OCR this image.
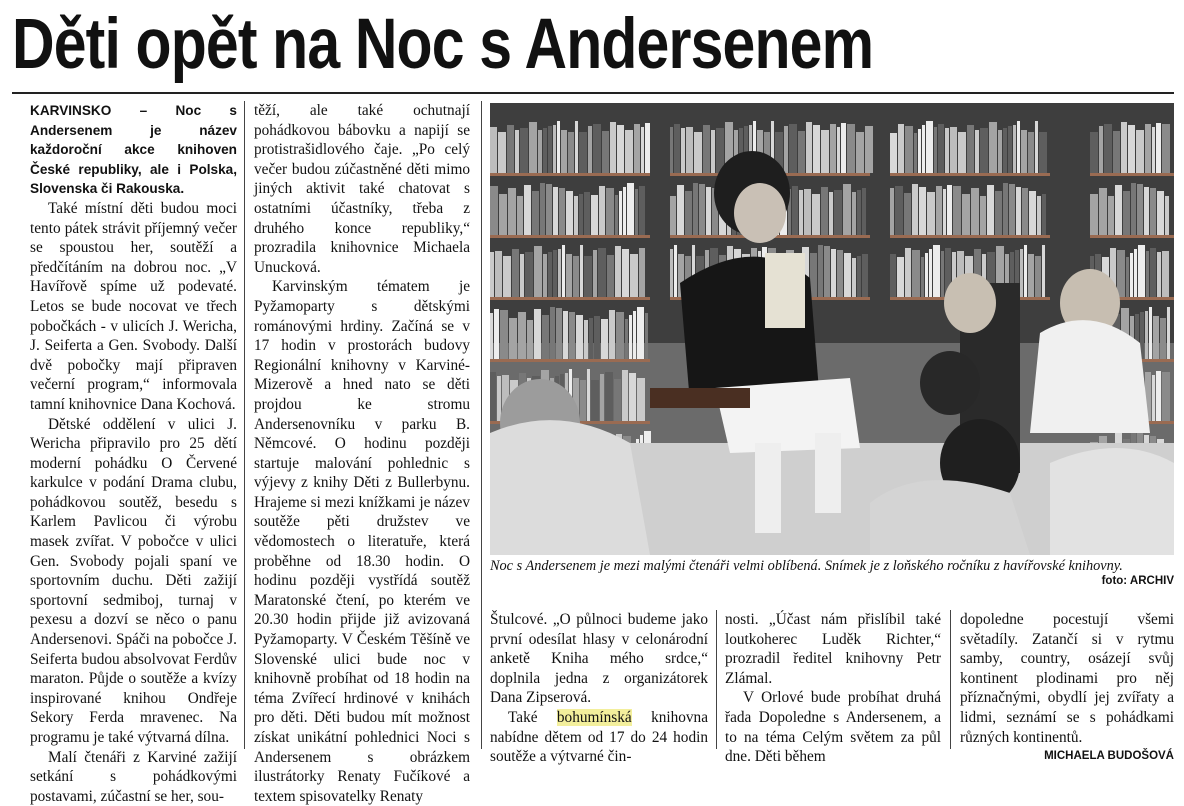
Děti opět na Noc s Andersenem

KARVINSKO – Noc s Andersenem je název každoroční akce knihoven České republiky, ale i Polska, Slovenska či Rakouska.

Také místní děti budou moci tento pátek strávit příjemný večer se spoustou her, soutěží a předčítáním na dobrou noc. „V Havířově spíme už podevaté. Letos se bude nocovat ve třech pobočkách - v ulicích J. Wericha, J. Seiferta a Gen. Svobody. Další dvě pobočky mají připraven večerní program,“ informovala tamní knihovnice Dana Kochová.

Dětské oddělení v ulici J. Wericha připravilo pro 25 dětí moderní pohádku O Červené karkulce v podání Drama clubu, pohádkovou soutěž, besedu s Karlem Pavlicou či výrobu masek zvířat. V pobočce v ulici Gen. Svobody pojali spaní ve sportovním duchu. Děti zažijí sportovní sedmiboj, turnaj v pexesu a dozví se něco o panu Andersenovi. Spáči na pobočce J. Seiferta budou absolvovat Ferdův maraton. Půjde o soutěže a kvízy inspirované knihou Ondřeje Sekory Ferda mravenec. Na programu je také výtvarná dílna.

Malí čtenáři z Karviné zažijí setkání s pohádkovými postavami, zúčastní se her, sou-

těží, ale také ochutnají pohádkovou bábovku a napijí se protistrašidlového čaje. „Po celý večer budou zúčastněné děti mimo jiných aktivit také chatovat s ostatními účastníky, třeba z druhého konce republiky,“ prozradila knihovnice Michaela Unucková.

Karvinským tématem je Pyžamoparty s dětskými románovými hrdiny. Začíná se v 17 hodin v prostorách budovy Regionální knihovny v Karviné-Mizerově a hned nato se děti projdou ke stromu Andersenovníku v parku B. Němcové. O hodinu později startuje malování pohlednic s výjevy z knihy Děti z Bullerbynu. Hrajeme si mezi knížkami je název soutěže pěti družstev ve vědomostech o literatuře, která proběhne od 18.30 hodin. O hodinu později vystřídá soutěž Maratonské čtení, po kterém ve 20.30 hodin přijde již avizovaná Pyžamoparty. V Českém Těšíně ve Slovenské ulici bude noc v knihovně probíhat od 18 hodin na téma Zvířecí hrdinové v knihách pro děti. Děti budou mít možnost získat unikátní pohlednici Noci s Andersenem s obrázkem ilustrátorky Renaty Fučíkové a textem spisovatelky Renaty

Noc s Andersenem je mezi malými čtenáři velmi oblíbená. Snímek je z loňského ročníku z havířovské knihovny.
foto: ARCHIV

Štulcové. „O půlnoci budeme jako první odesílat hlasy v celonárodní anketě Kniha mého srdce,“ doplnila jedna z organizátorek Dana Zipserová.

Také bohumínská knihovna nabídne dětem od 17 do 24 hodin soutěže a výtvarné čin-

nosti. „Účast nám přislíbil také loutkoherec Luděk Richter,“ prozradil ředitel knihovny Petr Zlámal.

V Orlové bude probíhat druhá řada Dopoledne s Andersenem, a to na téma Celým světem za půl dne. Děti během

dopoledne pocestují všemi světadíly. Zatančí si v rytmu samby, country, osázejí svůj kontinent plodinami pro něj příznačnými, obydlí jej zvířaty a lidmi, seznámí se s pohádkami různých kontinentů.
MICHAELA BUDOŠOVÁ
